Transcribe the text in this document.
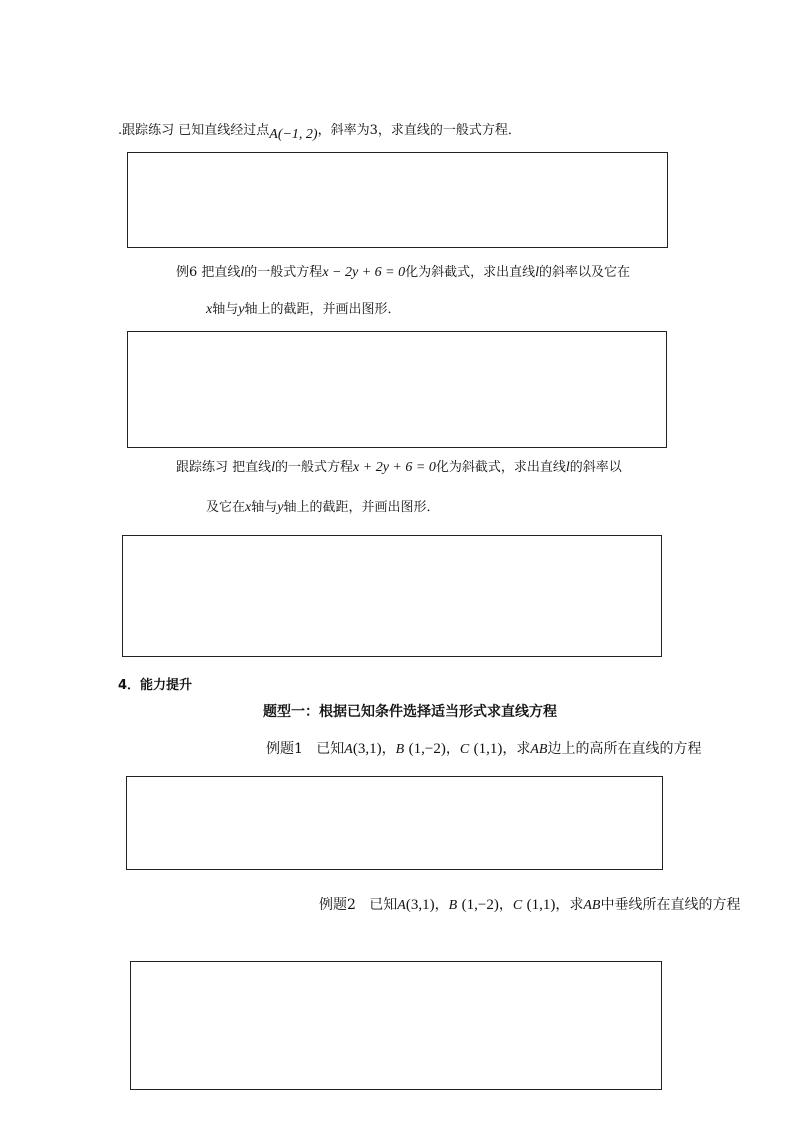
.跟踪练习 已知直线经过点A(−1, 2)，斜率为3，求直线的一般式方程．
例6 把直线l的一般式方程x − 2y + 6 = 0化为斜截式，求出直线l的斜率以及它在
x轴与y轴上的截距，并画出图形．
跟踪练习 把直线l的一般式方程x + 2y + 6 = 0化为斜截式，求出直线l的斜率以
及它在x轴与y轴上的截距，并画出图形．
4．能力提升
题型一：根据已知条件选择适当形式求直线方程
例题1 已知A(3,1)，B (1,−2)，C (1,1)，求AB边上的高所在直线的方程
例题2 已知A(3,1)，B (1,−2)，C (1,1)，求AB中垂线所在直线的方程
